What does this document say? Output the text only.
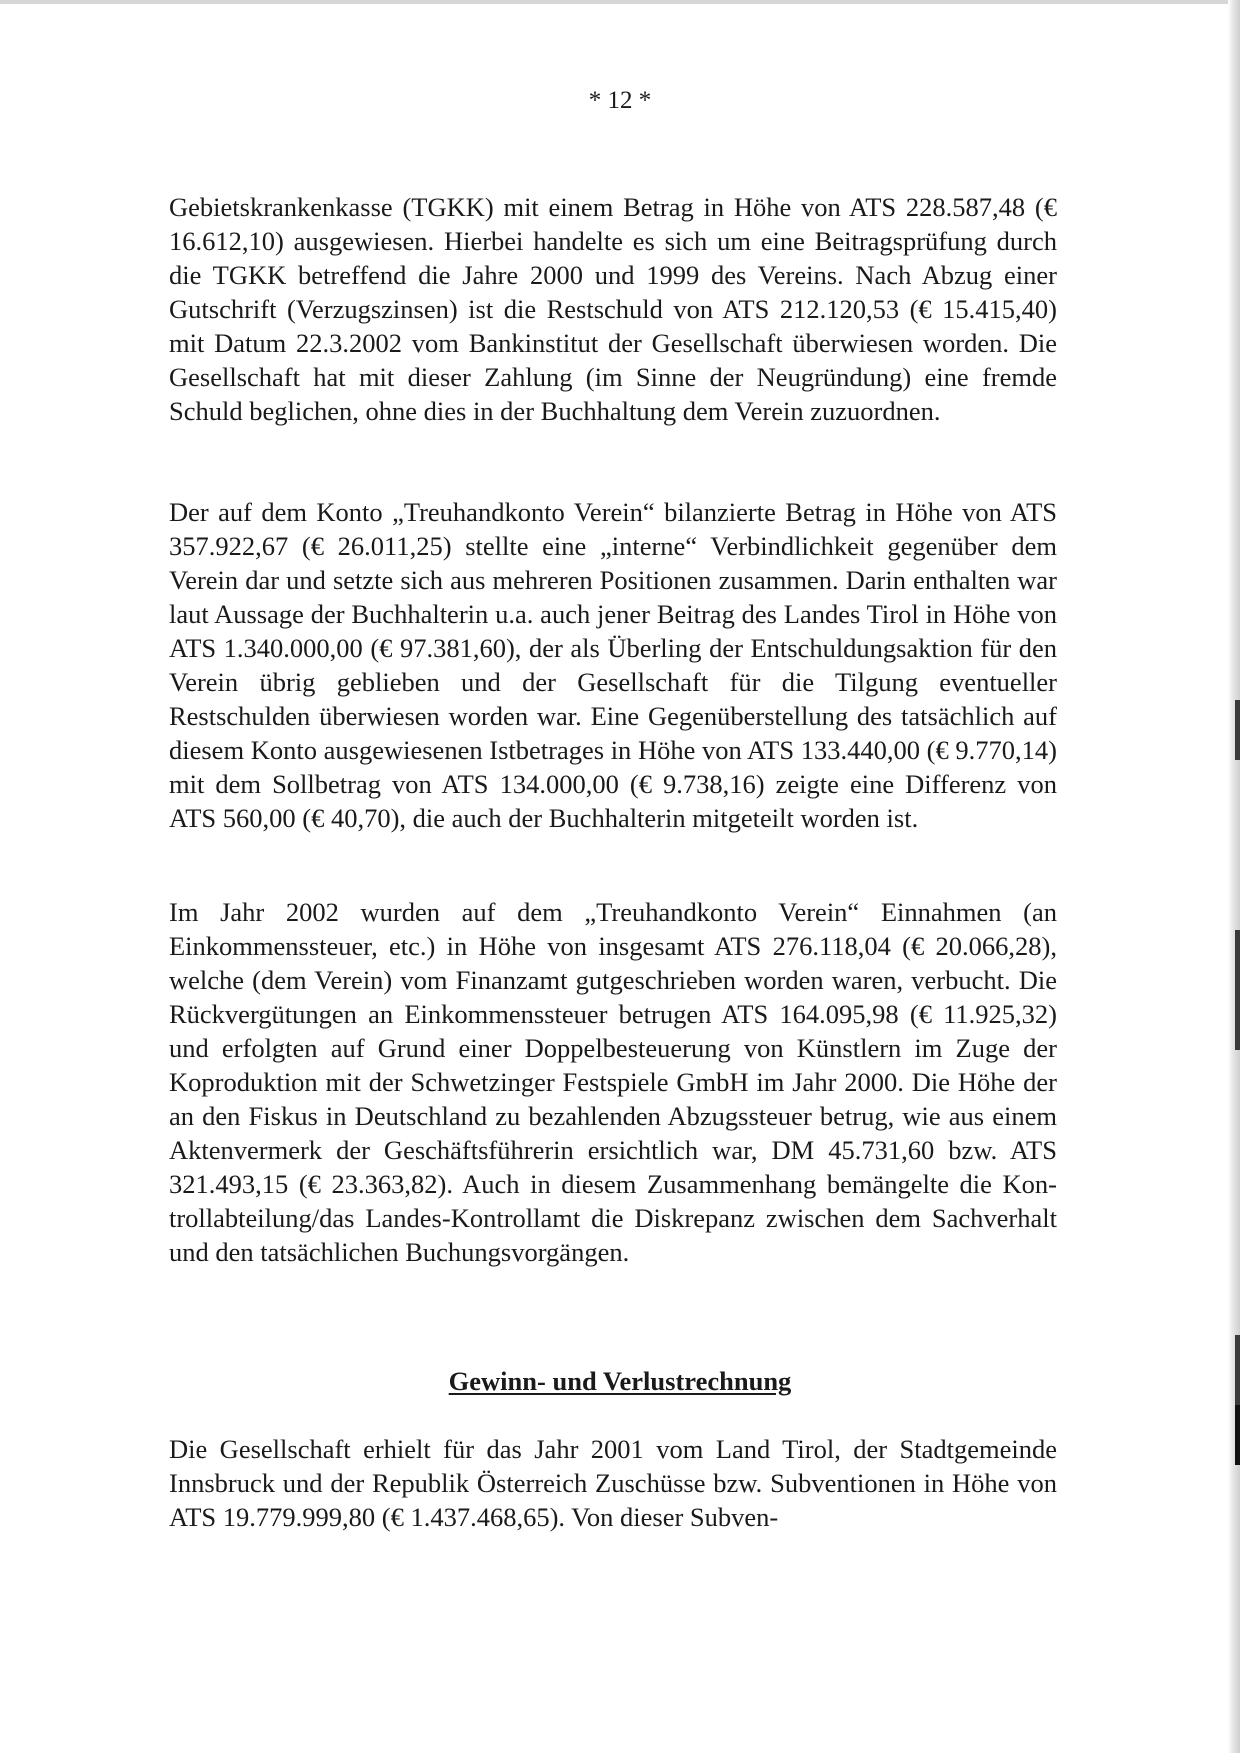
* 12 *

Gebietskrankenkasse (TGKK) mit einem Betrag in Höhe von ATS 228.587,48 (€ 16.612,10) ausgewiesen. Hierbei handelte es sich um eine Beitragsprüfung durch die TGKK betreffend die Jahre 2000 und 1999 des Vereins. Nach Abzug einer Gutschrift (Verzugszinsen) ist die Restschuld von ATS 212.120,53 (€ 15.415,40) mit Datum 22.3.2002 vom Bankinstitut der Gesellschaft überwiesen worden. Die Gesellschaft hat mit dieser Zahlung (im Sinne der Neugründung) eine fremde Schuld beglichen, ohne dies in der Buchhaltung dem Verein zuzuordnen.

Der auf dem Konto „Treuhandkonto Verein“ bilanzierte Betrag in Höhe von ATS 357.922,67 (€ 26.011,25) stellte eine „interne“ Verbindlichkeit gegenüber dem Verein dar und setzte sich aus mehreren Positionen zusammen. Darin enthalten war laut Aussage der Buchhalterin u.a. auch jener Beitrag des Landes Tirol in Höhe von ATS 1.340.000,00 (€ 97.381,60), der als Überling der Entschuldungsaktion für den Verein übrig geblieben und der Gesellschaft für die Tilgung eventueller Restschulden überwiesen worden war. Eine Gegenüberstellung des tatsächlich auf diesem Konto ausgewiesenen Istbetrages in Höhe von ATS 133.440,00 (€ 9.770,14) mit dem Sollbetrag von ATS 134.000,00 (€ 9.738,16) zeigte eine Differenz von ATS 560,00 (€ 40,70), die auch der Buchhalterin mitgeteilt worden ist.

Im Jahr 2002 wurden auf dem „Treuhandkonto Verein“ Einnahmen (an Einkommenssteuer, etc.) in Höhe von insgesamt ATS 276.118,04 (€ 20.066,28), welche (dem Verein) vom Finanzamt gutgeschrieben worden waren, verbucht. Die Rückvergütungen an Einkommenssteuer betrugen ATS 164.095,98 (€ 11.925,32) und erfolgten auf Grund einer Doppelbesteuerung von Künstlern im Zuge der Koproduktion mit der Schwetzinger Festspiele GmbH im Jahr 2000. Die Höhe der an den Fiskus in Deutschland zu bezahlenden Abzugssteuer betrug, wie aus einem Aktenvermerk der Geschäftsführerin ersichtlich war, DM 45.731,60 bzw. ATS 321.493,15 (€ 23.363,82). Auch in diesem Zusammenhang bemängelte die Kontrollabteilung/das Landes-Kontrollamt die Diskrepanz zwischen dem Sachverhalt und den tatsächlichen Buchungsvorgängen.

Gewinn- und Verlustrechnung

Die Gesellschaft erhielt für das Jahr 2001 vom Land Tirol, der Stadtgemeinde Innsbruck und der Republik Österreich Zuschüsse bzw. Subventionen in Höhe von ATS 19.779.999,80 (€ 1.437.468,65). Von dieser Subven-
